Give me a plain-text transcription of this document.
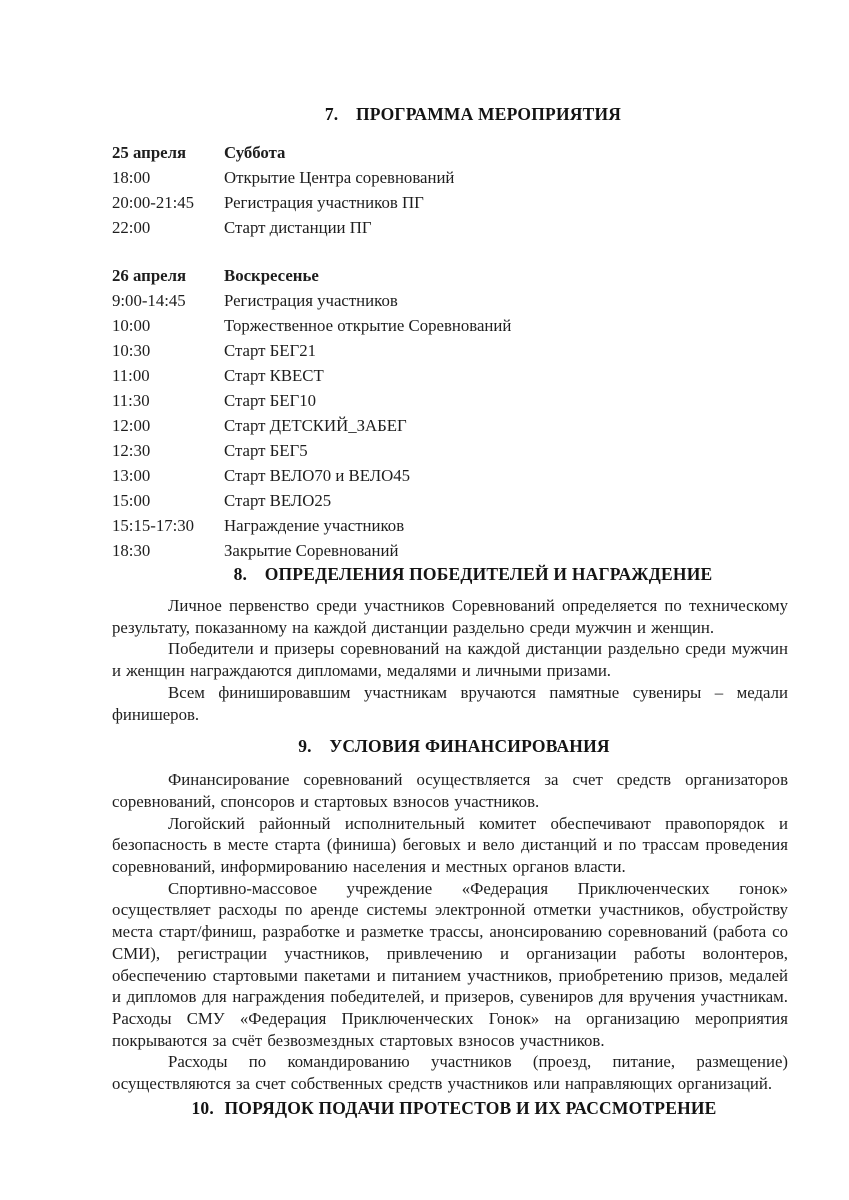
7. ПРОГРАММА МЕРОПРИЯТИЯ
25 апреля	Суббота
18:00	Открытие Центра соревнований
20:00-21:45	Регистрация участников ПГ
22:00	Старт дистанции ПГ
26 апреля	Воскресенье
9:00-14:45	Регистрация участников
10:00	Торжественное открытие Соревнований
10:30	Старт БЕГ21
11:00	Старт КВЕСТ
11:30	Старт БЕГ10
12:00	Старт ДЕТСКИЙ_ЗАБЕГ
12:30	Старт БЕГ5
13:00	Старт ВЕЛО70 и ВЕЛО45
15:00	Старт ВЕЛО25
15:15-17:30	Награждение участников
18:30	Закрытие Соревнований
8. ОПРЕДЕЛЕНИЯ ПОБЕДИТЕЛЕЙ И НАГРАЖДЕНИЕ

Личное первенство среди участников Соревнований определяется по техническому результату, показанному на каждой дистанции раздельно среди мужчин и женщин.

Победители и призеры соревнований на каждой дистанции раздельно среди мужчин и женщин награждаются дипломами, медалями и личными призами.

Всем финишировавшим участникам вручаются памятные сувениры – медали финишеров.

9. УСЛОВИЯ ФИНАНСИРОВАНИЯ

Финансирование соревнований осуществляется за счет средств организаторов соревнований, спонсоров и стартовых взносов участников.

Логойский районный исполнительный комитет обеспечивают правопорядок и безопасность в месте старта (финиша) беговых и вело дистанций и по трассам проведения соревнований, информированию населения и местных органов власти.

Спортивно-массовое учреждение «Федерация Приключенческих гонок» осуществляет расходы по аренде системы электронной отметки участников, обустройству места старт/финиш, разработке и разметке трассы, анонсированию соревнований (работа со СМИ), регистрации участников, привлечению и организации работы волонтеров, обеспечению стартовыми пакетами и питанием участников, приобретению призов, медалей и дипломов для награждения победителей, и призеров, сувениров для вручения участникам. Расходы СМУ «Федерация Приключенческих Гонок» на организацию мероприятия покрываются за счёт безвозмездных стартовых взносов участников.

Расходы по командированию участников (проезд, питание, размещение) осуществляются за счет собственных средств участников или направляющих организаций.

10. ПОРЯДОК ПОДАЧИ ПРОТЕСТОВ И ИХ РАССМОТРЕНИЕ
